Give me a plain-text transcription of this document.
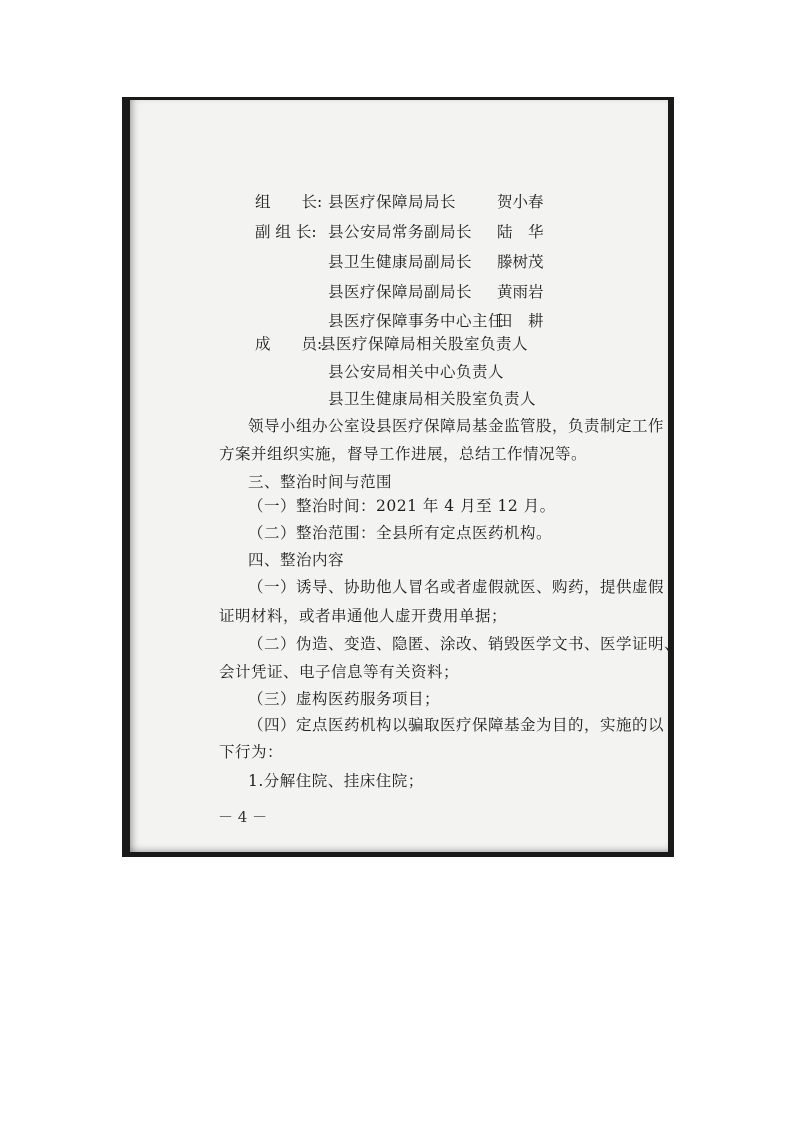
组　　长: 县医疗保障局局长	贺小春
副 组 长: 县公安局常务副局长 陆　华
县卫生健康局副局长 滕树茂
县医疗保障局副局长 黄雨岩
县医疗保障事务中心主任
田　耕
成　　员:
县医疗保障局相关股室负责人
县公安局相关中心负责人
县卫生健康局相关股室负责人
领导小组办公室设县医疗保障局基金监管股，负责制定工作
方案并组织实施，督导工作进展，总结工作情况等。
三、整治时间与范围
（一）整治时间：2021 年 4 月至 12 月。
（二）整治范围：全县所有定点医药机构。
四、整治内容
（一）诱导、协助他人冒名或者虚假就医、购药，提供虚假
证明材料，或者串通他人虚开费用单据；
（二）伪造、变造、隐匿、涂改、销毁医学文书、医学证明、
会计凭证、电子信息等有关资料；
（三）虚构医药服务项目；
（四）定点医药机构以骗取医疗保障基金为目的，实施的以
下行为：
1.分解住院、挂床住院；
－ 4 －
